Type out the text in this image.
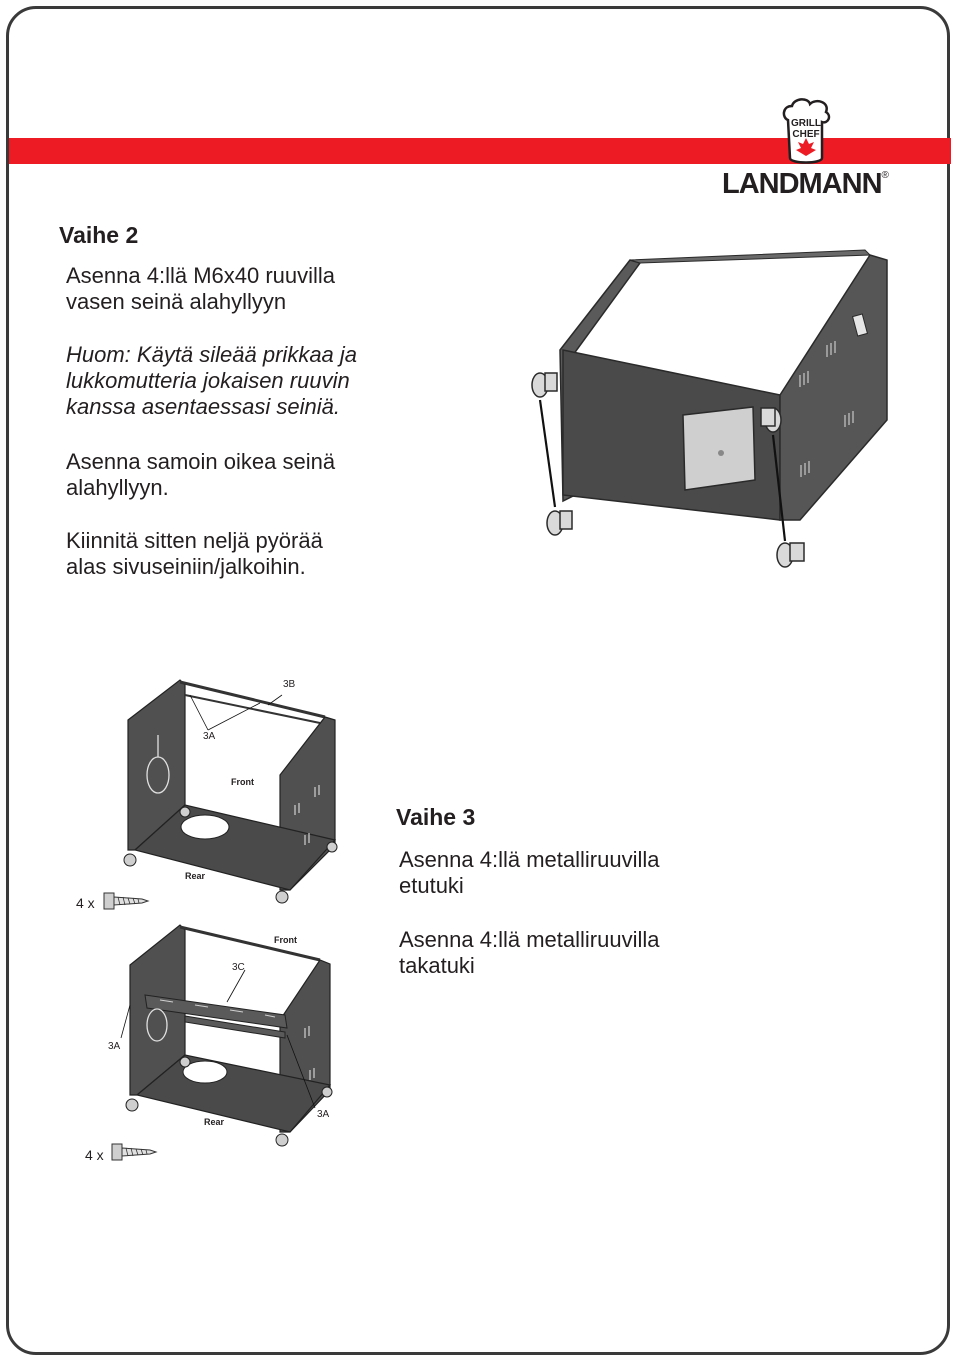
GRILL
CHEF
LANDMANN®
Vaihe 2
Asenna 4:llä M6x40 ruuvilla
vasen seinä alahyllyyn
Huom: Käytä sileää prikkaa ja
lukkomutteria jokaisen ruuvin
kanssa asentaessasi seiniä.
Asenna samoin oikea seinä
alahyllyyn.
Kiinnitä sitten neljä pyörää
alas sivuseiniin/jalkoihin.
3B
3A
Front
Rear
4 x
Front
3C
3A
3A
Rear
4 x
Vaihe 3
Asenna 4:llä metalliruuvilla
etutuki
Asenna 4:llä metalliruuvilla
takatuki
